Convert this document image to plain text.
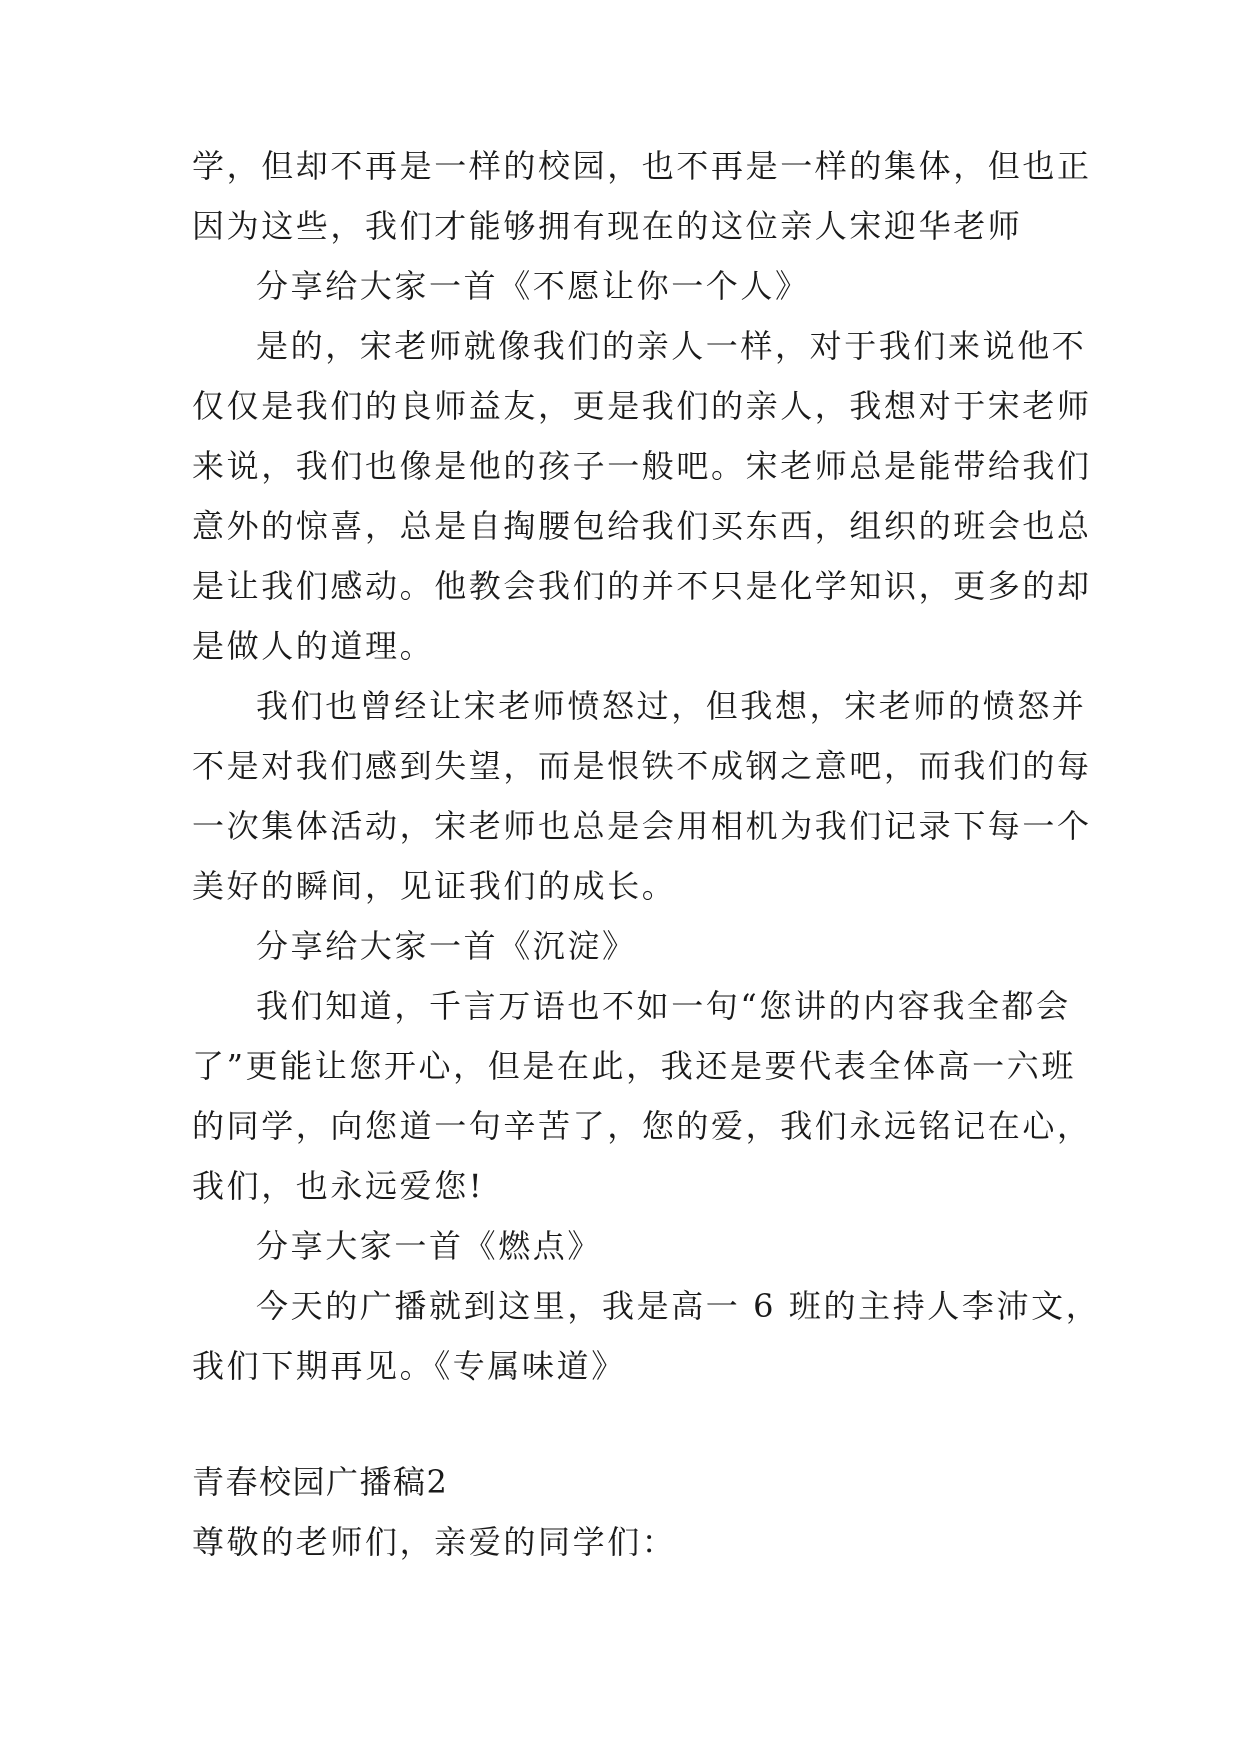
学，但却不再是一样的校园，也不再是一样的集体，但也正
因为这些，我们才能够拥有现在的这位亲人宋迎华老师
分享给大家一首《不愿让你一个人》
是的，宋老师就像我们的亲人一样，对于我们来说他不
仅仅是我们的良师益友，更是我们的亲人，我想对于宋老师
来说，我们也像是他的孩子一般吧。宋老师总是能带给我们
意外的惊喜，总是自掏腰包给我们买东西，组织的班会也总
是让我们感动。他教会我们的并不只是化学知识，更多的却
是做人的道理。
我们也曾经让宋老师愤怒过，但我想，宋老师的愤怒并
不是对我们感到失望，而是恨铁不成钢之意吧，而我们的每
一次集体活动，宋老师也总是会用相机为我们记录下每一个
美好的瞬间，见证我们的成长。
分享给大家一首《沉淀》
我们知道，千言万语也不如一句“您讲的内容我全都会
了”更能让您开心，但是在此，我还是要代表全体高一六班
的同学，向您道一句辛苦了，您的爱，我们永远铭记在心，
我们，也永远爱您!
分享大家一首《燃点》
今天的广播就到这里，我是高一 6 班的主持人李沛文，
我们下期再见。《专属味道》
青春校园广播稿2
尊敬的老师们，亲爱的同学们：
